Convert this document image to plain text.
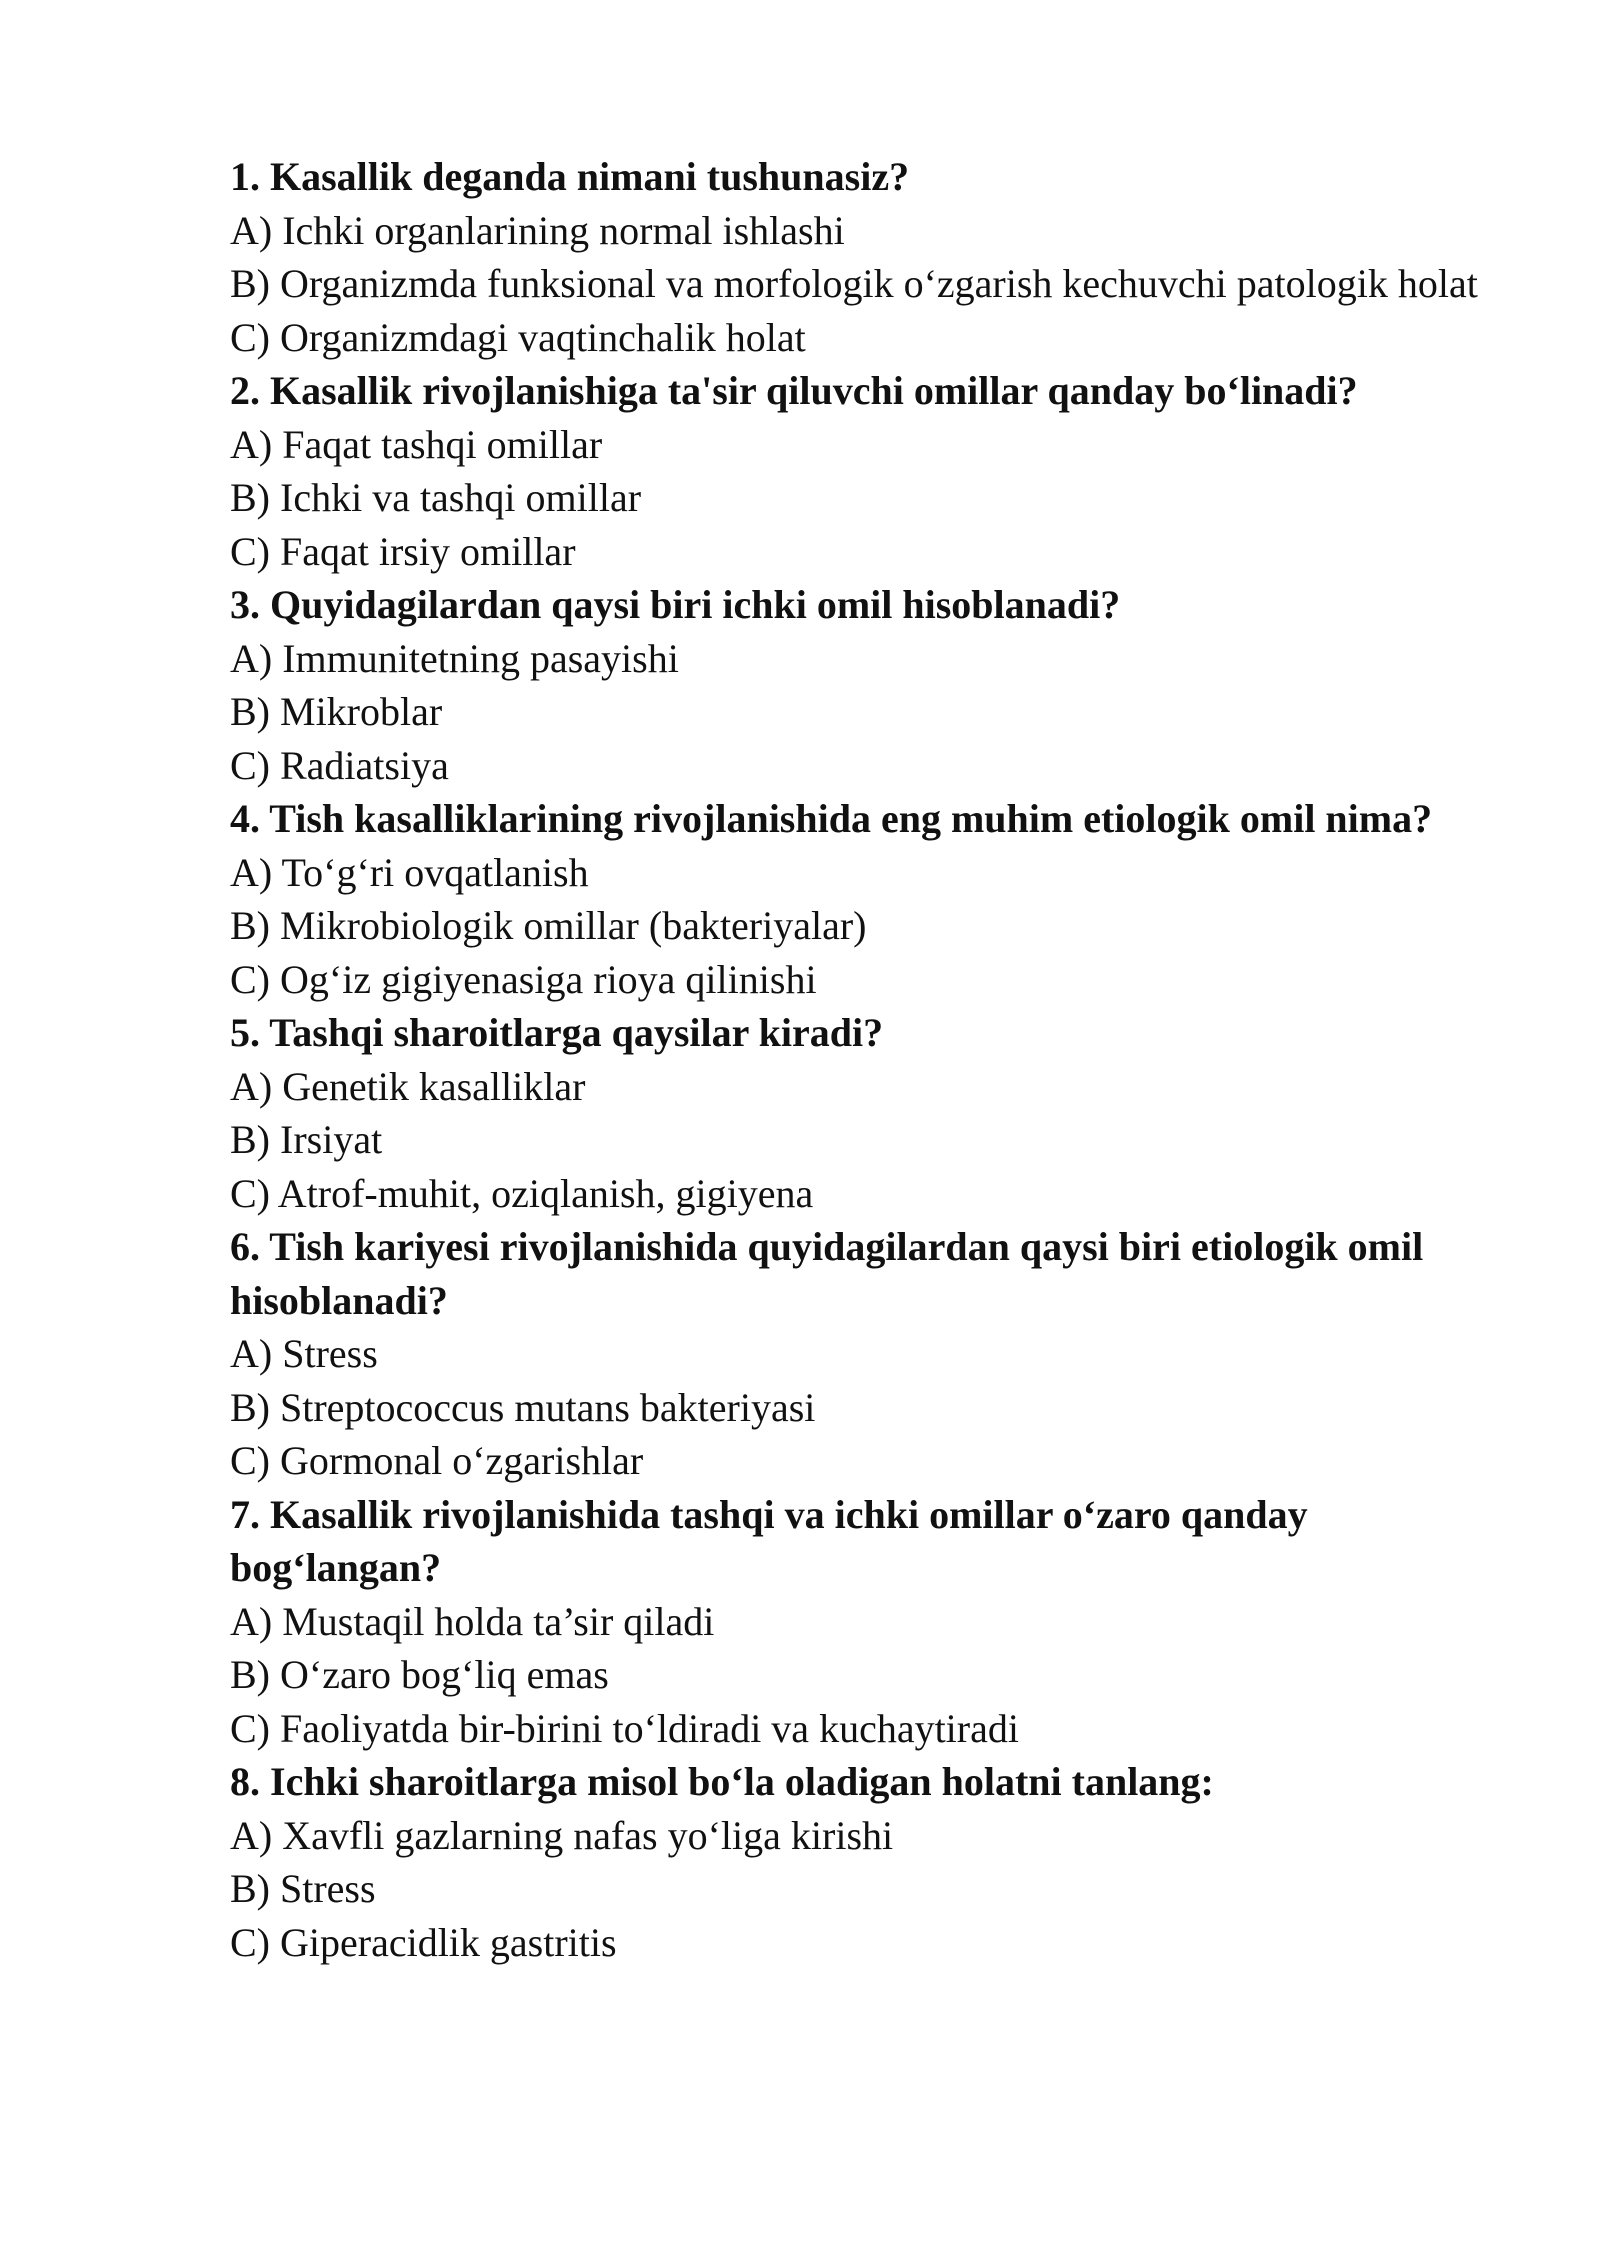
1. Kasallik deganda nimani tushunasiz?

A) Ichki organlarining normal ishlashi

B) Organizmda funksional va morfologik o‘zgarish kechuvchi patologik holat

C) Organizmdagi vaqtinchalik holat

2. Kasallik rivojlanishiga ta'sir qiluvchi omillar qanday bo‘linadi?

A) Faqat tashqi omillar

B) Ichki va tashqi omillar

C) Faqat irsiy omillar

3. Quyidagilardan qaysi biri ichki omil hisoblanadi?

A) Immunitetning pasayishi

B) Mikroblar

C) Radiatsiya

4. Tish kasalliklarining rivojlanishida eng muhim etiologik omil nima?

A) To‘g‘ri ovqatlanish

B) Mikrobiologik omillar (bakteriyalar)

C) Og‘iz gigiyenasiga rioya qilinishi

5. Tashqi sharoitlarga qaysilar kiradi?

A) Genetik kasalliklar

B) Irsiyat

C) Atrof-muhit, oziqlanish, gigiyena

6. Tish kariyesi rivojlanishida quyidagilardan qaysi biri etiologik omil hisoblanadi?

A) Stress

B) Streptococcus mutans bakteriyasi

C) Gormonal o‘zgarishlar

7. Kasallik rivojlanishida tashqi va ichki omillar o‘zaro qanday bog‘langan?

A) Mustaqil holda ta’sir qiladi

B) O‘zaro bog‘liq emas

C) Faoliyatda bir-birini to‘ldiradi va kuchaytiradi

8. Ichki sharoitlarga misol bo‘la oladigan holatni tanlang:

A) Xavfli gazlarning nafas yo‘liga kirishi

B) Stress

C) Giperacidlik gastritis
